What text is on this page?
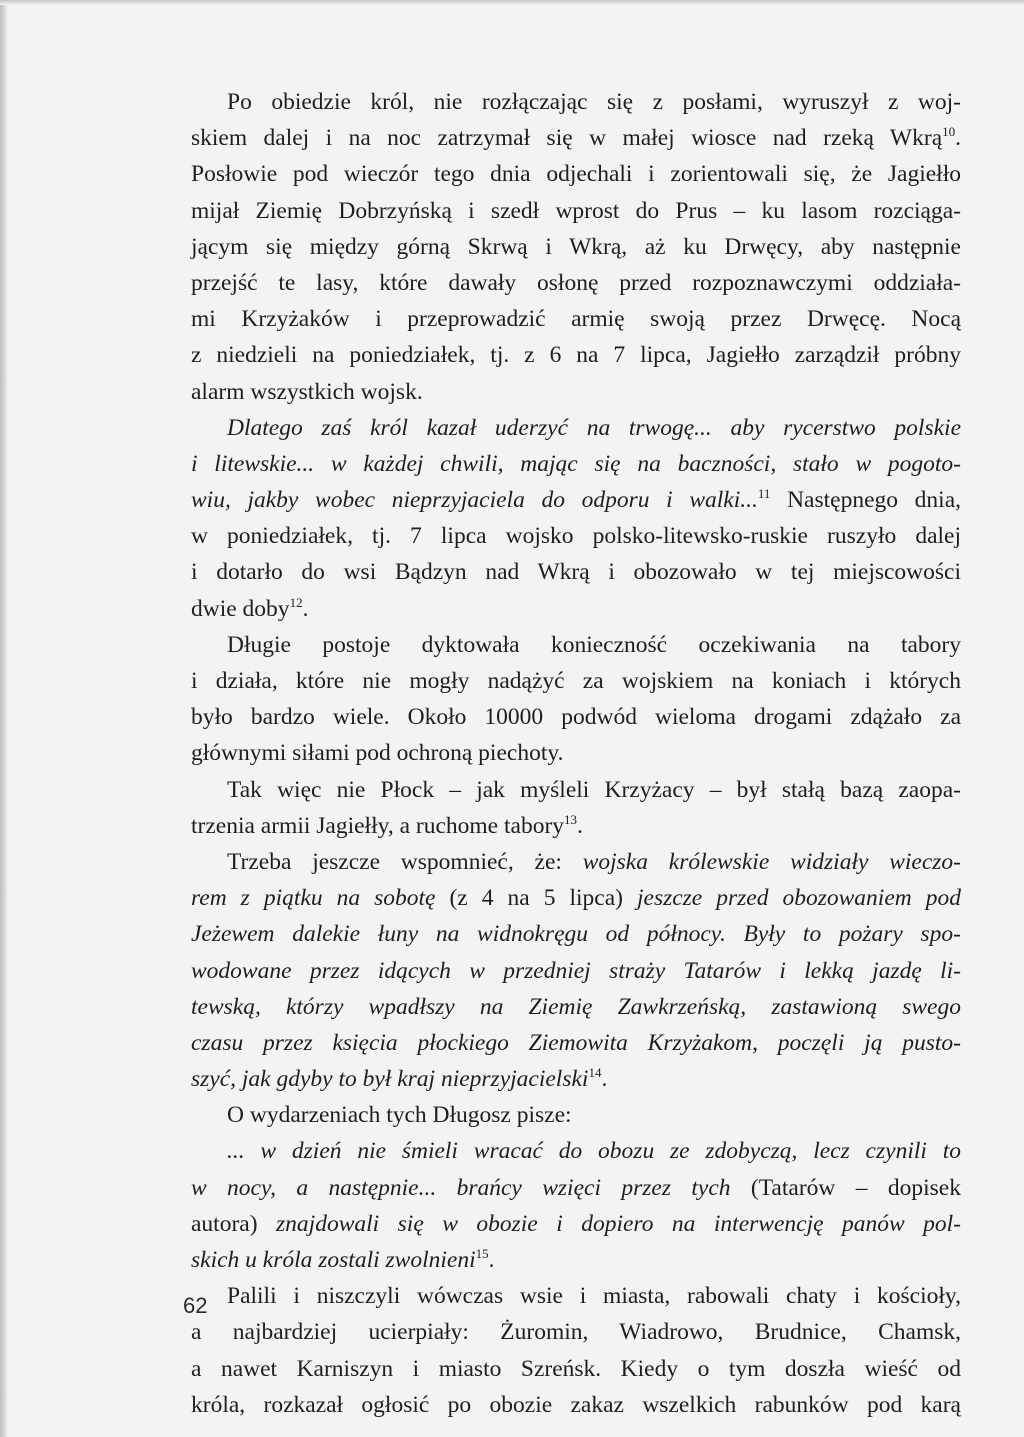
Po obiedzie król, nie rozłączając się z posłami, wyruszył z woj-
skiem dalej i na noc zatrzymał się w małej wiosce nad rzeką Wkrą$^{10}$.
Posłowie pod wieczór tego dnia odjechali i zorientowali się, że Jagiełło
mijał Ziemię Dobrzyńską i szedł wprost do Prus – ku lasom rozciąga-
jącym się między górną Skrwą i Wkrą, aż ku Drwęcy, aby następnie
przejść te lasy, które dawały osłonę przed rozpoznawczymi oddziała-
mi Krzyżaków i przeprowadzić armię swoją przez Drwęcę. Nocą
z niedzieli na poniedziałek, tj. z 6 na 7 lipca, Jagiełło zarządził próbny
alarm wszystkich wojsk.
Dlatego zaś król kazał uderzyć na trwogę... aby rycerstwo polskie
i litewskie... w każdej chwili, mając się na baczności, stało w pogoto-
wiu, jakby wobec nieprzyjaciela do odporu i walki...$^{11}$ Następnego dnia,
w poniedziałek, tj. 7 lipca wojsko polsko-litewsko-ruskie ruszyło dalej
i dotarło do wsi Bądzyn nad Wkrą i obozowało w tej miejscowości
dwie doby$^{12}$.
Długie postoje dyktowała konieczność oczekiwania na tabory
i działa, które nie mogły nadążyć za wojskiem na koniach i których
było bardzo wiele. Około 10000 podwód wieloma drogami zdążało za
głównymi siłami pod ochroną piechoty.
Tak więc nie Płock – jak myśleli Krzyżacy – był stałą bazą zaopa-
trzenia armii Jagiełły, a ruchome tabory$^{13}$.
Trzeba jeszcze wspomnieć, że: wojska królewskie widziały wieczo-
rem z piątku na sobotę (z 4 na 5 lipca) jeszcze przed obozowaniem pod
Jeżewem dalekie łuny na widnokręgu od północy. Były to pożary spo-
wodowane przez idących w przedniej straży Tatarów i lekką jazdę li-
tewską, którzy wpadłszy na Ziemię Zawkrzeńską, zastawioną swego
czasu przez księcia płockiego Ziemowita Krzyżakom, poczęli ją pusto-
szyć, jak gdyby to był kraj nieprzyjacielski$^{14}$.
O wydarzeniach tych Długosz pisze:
... w dzień nie śmieli wracać do obozu ze zdobyczą, lecz czynili to
w nocy, a następnie... brańcy wzięci przez tych (Tatarów – dopisek
autora) znajdowali się w obozie i dopiero na interwencję panów pol-
skich u króla zostali zwolnieni$^{15}$.
Palili i niszczyli wówczas wsie i miasta, rabowali chaty i kościoły,
a najbardziej ucierpiały: Żuromin, Wiadrowo, Brudnice, Chamsk,
a nawet Karniszyn i miasto Szreńsk. Kiedy o tym doszła wieść od
króla, rozkazał ogłosić po obozie zakaz wszelkich rabunków pod karą
62
